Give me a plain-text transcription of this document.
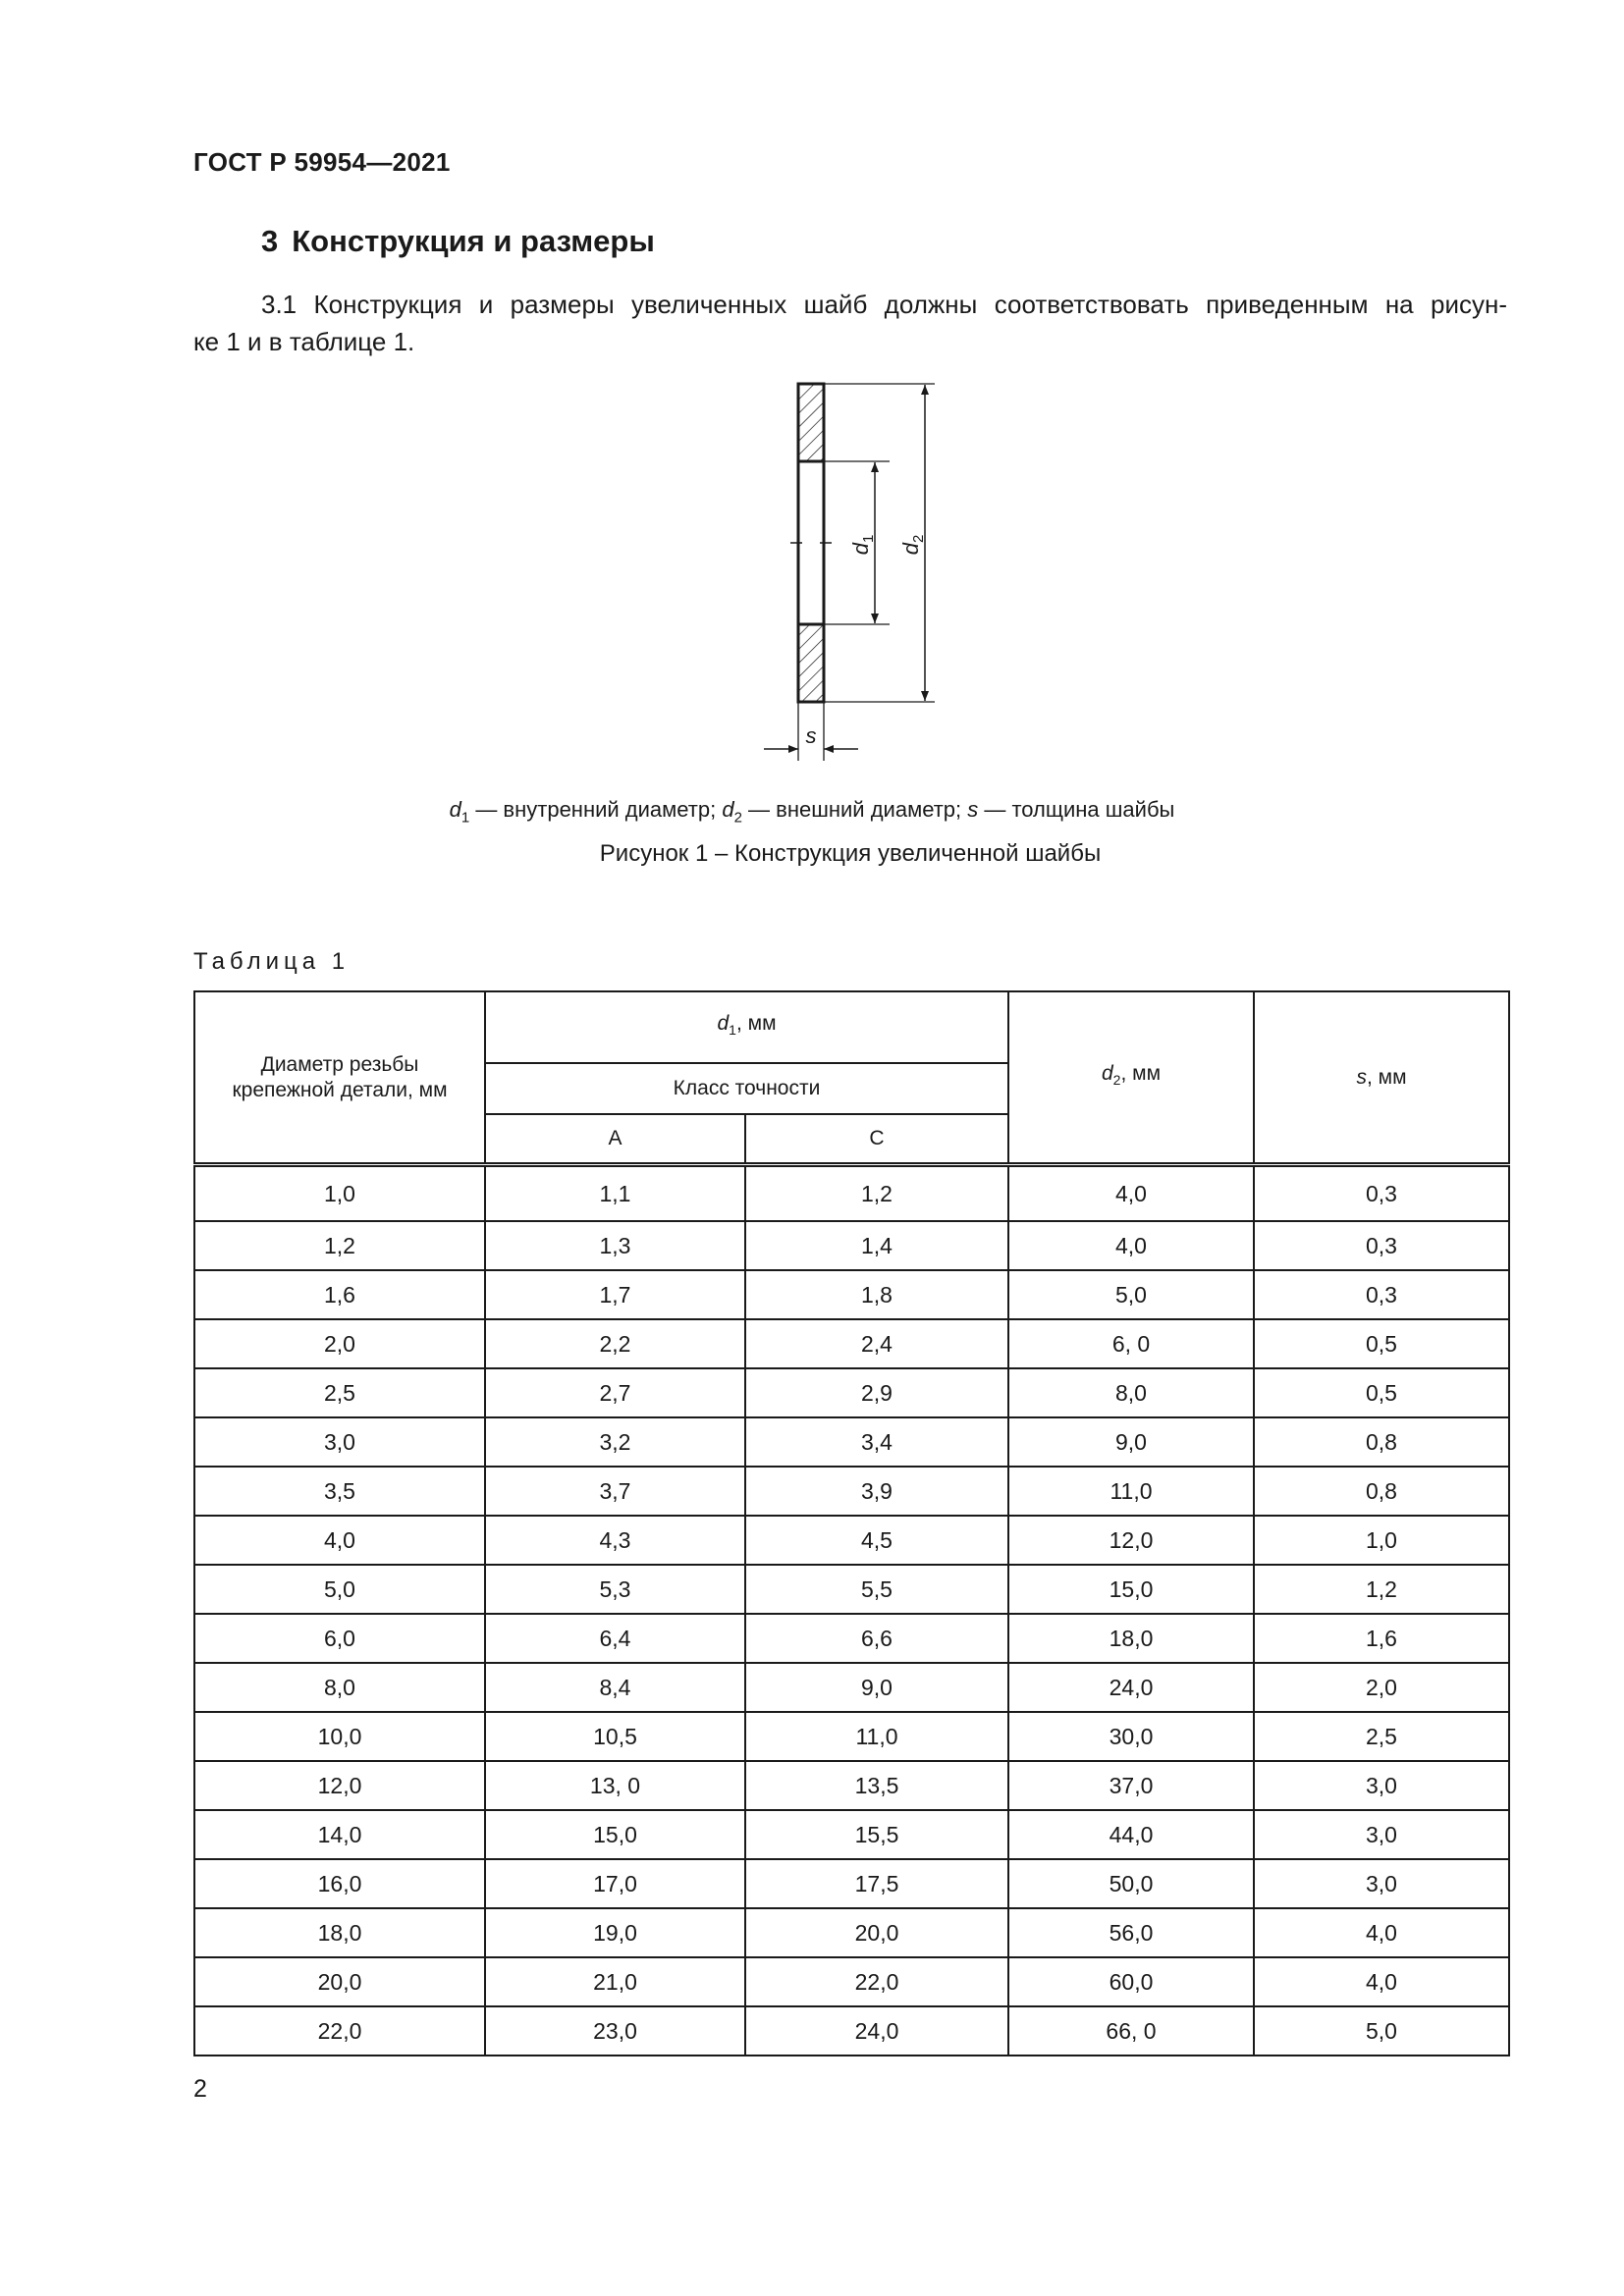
ГОСТ Р 59954—2021
3 Конструкция и размеры
3.1 Конструкция и размеры увеличенных шайб должны соответствовать приведенным на рисун-
ке 1 и в таблице 1.
$d_1$
$d_2$
s
$d_1$ — внутренний диаметр; $d_2$ — внешний диаметр; s — толщина шайбы
Рисунок 1 – Конструкция увеличенной шайбы
Таблица 1
Диаметр резьбы крепежной детали, мм	$d_1$, мм		$d_2$, мм	s, мм
	Класс точности			
	А	С		
1,0	1,1	1,2	4,0	0,3
1,2	1,3	1,4	4,0	0,3
1,6	1,7	1,8	5,0	0,3
2,0	2,2	2,4	6, 0	0,5
2,5	2,7	2,9	8,0	0,5
3,0	3,2	3,4	9,0	0,8
3,5	3,7	3,9	11,0	0,8
4,0	4,3	4,5	12,0	1,0
5,0	5,3	5,5	15,0	1,2
6,0	6,4	6,6	18,0	1,6
8,0	8,4	9,0	24,0	2,0
10,0	10,5	11,0	30,0	2,5
12,0	13, 0	13,5	37,0	3,0
14,0	15,0	15,5	44,0	3,0
16,0	17,0	17,5	50,0	3,0
18,0	19,0	20,0	56,0	4,0
20,0	21,0	22,0	60,0	4,0
22,0	23,0	24,0	66, 0	5,0
2
